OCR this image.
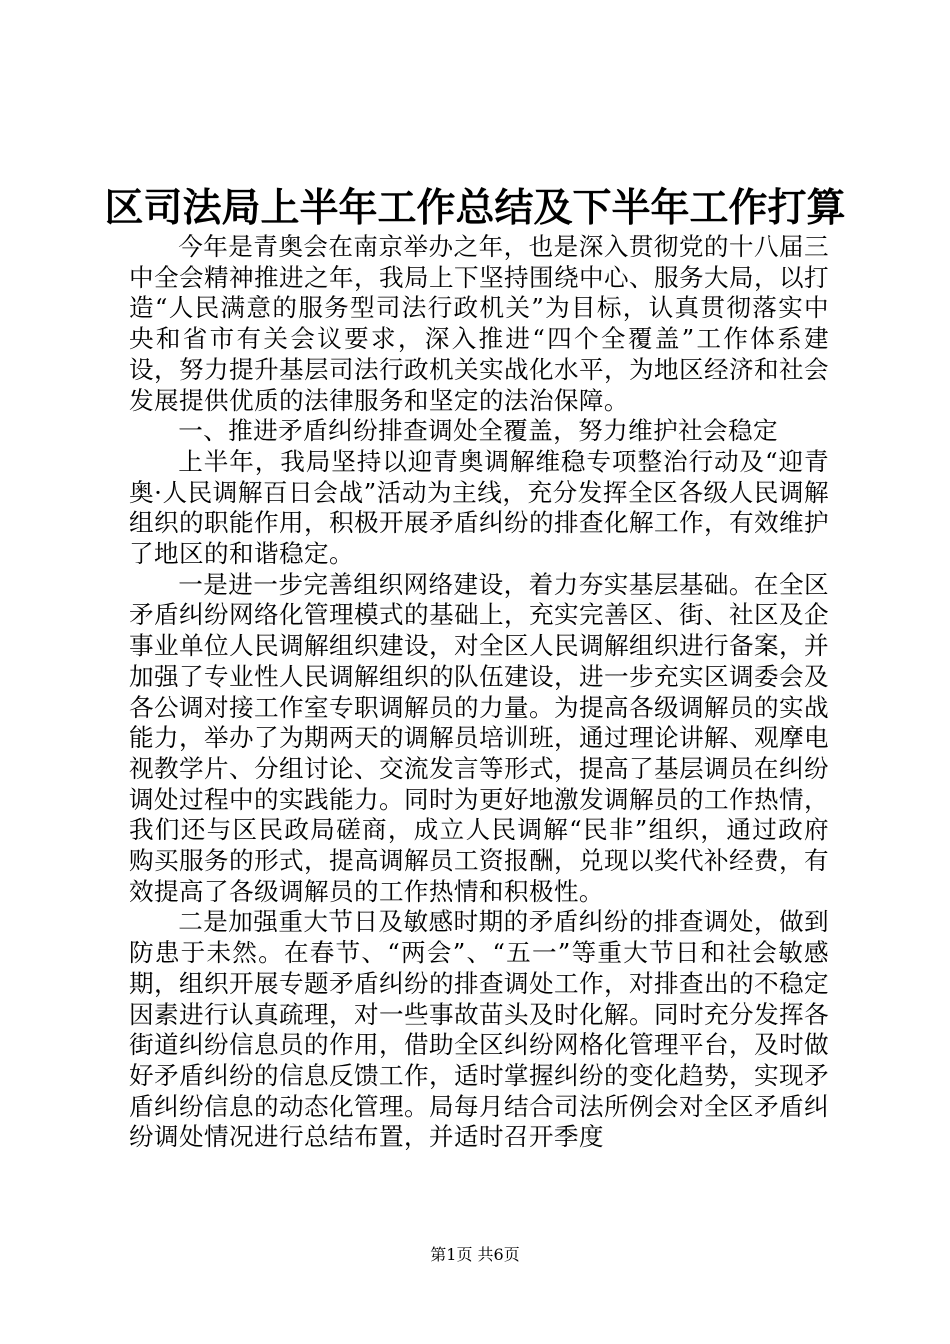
区司法局上半年工作总结及下半年工作打算

今年是青奥会在南京举办之年，也是深入贯彻党的十八届三中全会精神推进之年，我局上下坚持围绕中心、服务大局，以打造“人民满意的服务型司法行政机关”为目标，认真贯彻落实中央和省市有关会议要求，深入推进“四个全覆盖”工作体系建设，努力提升基层司法行政机关实战化水平，为地区经济和社会发展提供优质的法律服务和坚定的法治保障。

一、推进矛盾纠纷排查调处全覆盖，努力维护社会稳定

上半年，我局坚持以迎青奥调解维稳专项整治行动及“迎青奥·人民调解百日会战”活动为主线，充分发挥全区各级人民调解组织的职能作用，积极开展矛盾纠纷的排查化解工作，有效维护了地区的和谐稳定。

一是进一步完善组织网络建设，着力夯实基层基础。在全区矛盾纠纷网络化管理模式的基础上，充实完善区、街、社区及企事业单位人民调解组织建设，对全区人民调解组织进行备案，并加强了专业性人民调解组织的队伍建设，进一步充实区调委会及各公调对接工作室专职调解员的力量。为提高各级调解员的实战能力，举办了为期两天的调解员培训班，通过理论讲解、观摩电视教学片、分组讨论、交流发言等形式，提高了基层调员在纠纷调处过程中的实践能力。同时为更好地激发调解员的工作热情，我们还与区民政局磋商，成立人民调解“民非”组织，通过政府购买服务的形式，提高调解员工资报酬，兑现以奖代补经费，有效提高了各级调解员的工作热情和积极性。

二是加强重大节日及敏感时期的矛盾纠纷的排查调处，做到防患于未然。在春节、“两会”、“五一”等重大节日和社会敏感期，组织开展专题矛盾纠纷的排查调处工作，对排查出的不稳定因素进行认真疏理，对一些事故苗头及时化解。同时充分发挥各街道纠纷信息员的作用，借助全区纠纷网格化管理平台，及时做好矛盾纠纷的信息反馈工作，适时掌握纠纷的变化趋势，实现矛盾纠纷信息的动态化管理。局每月结合司法所例会对全区矛盾纠纷调处情况进行总结布置，并适时召开季度

第1页 共6页
